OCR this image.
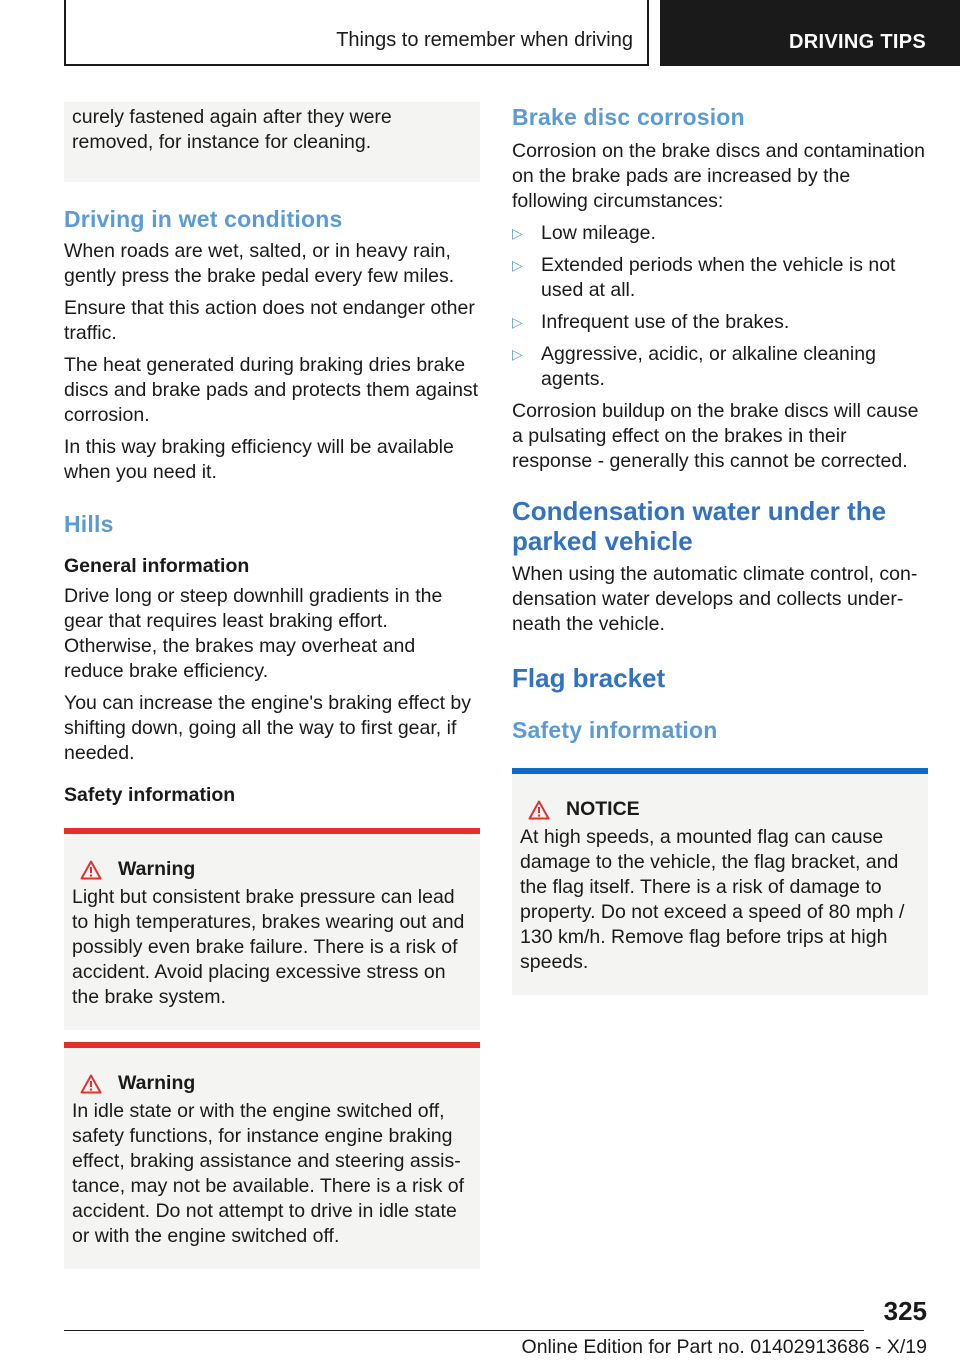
Things to remember when driving	DRIVING TIPS

curely fastened again after they were removed, for instance for cleaning.

Driving in wet conditions

When roads are wet, salted, or in heavy rain, gently press the brake pedal every few miles.

Ensure that this action does not endanger other traffic.

The heat generated during braking dries brake discs and brake pads and protects them against corrosion.

In this way braking efficiency will be available when you need it.

Hills
General information

Drive long or steep downhill gradients in the gear that requires least braking effort. Otherwise, the brakes may overheat and reduce brake efficiency.

You can increase the engine's braking effect by shifting down, going all the way to first gear, if needed.

Safety information
Warning

Light but consistent brake pressure can lead to high temperatures, brakes wearing out and possibly even brake failure. There is a risk of accident. Avoid placing excessive stress on the brake system.

Warning

In idle state or with the engine switched off, safety functions, for instance engine braking effect, braking assistance and steering assistance, may not be available. There is a risk of accident. Do not attempt to drive in idle state or with the engine switched off.

Brake disc corrosion

Corrosion on the brake discs and contamination on the brake pads are increased by the following circumstances:

▷ Low mileage.
▷ Extended periods when the vehicle is not used at all.
▷ Infrequent use of the brakes.
▷ Aggressive, acidic, or alkaline cleaning agents.

Corrosion buildup on the brake discs will cause a pulsating effect on the brakes in their response - generally this cannot be corrected.

Condensation water under the parked vehicle

When using the automatic climate control, condensation water develops and collects underneath the vehicle.

Flag bracket
Safety information
NOTICE

At high speeds, a mounted flag can cause damage to the vehicle, the flag bracket, and the flag itself. There is a risk of damage to property. Do not exceed a speed of 80 mph / 130 km/h. Remove flag before trips at high speeds.

325
Online Edition for Part no. 01402913686 - X/19
